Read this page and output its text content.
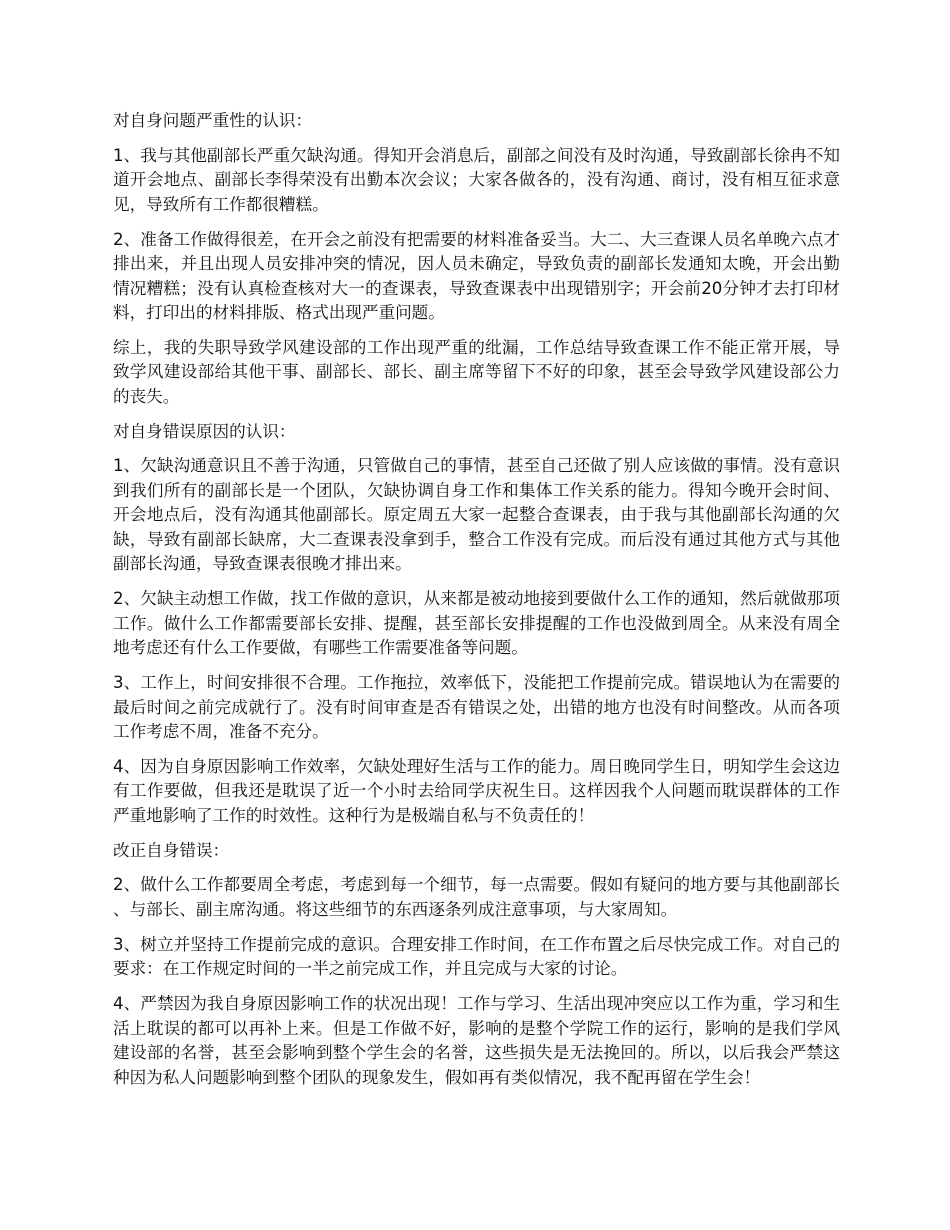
对自身问题严重性的认识：

1、我与其他副部长严重欠缺沟通。得知开会消息后，副部之间没有及时沟通，导致副部长徐冉不知道开会地点、副部长李得荣没有出勤本次会议；大家各做各的，没有沟通、商讨，没有相互征求意见，导致所有工作都很糟糕。

2、准备工作做得很差，在开会之前没有把需要的材料准备妥当。大二、大三查课人员名单晚六点才排出来，并且出现人员安排冲突的情况，因人员未确定，导致负责的副部长发通知太晚，开会出勤情况糟糕；没有认真检查核对大一的查课表，导致查课表中出现错别字；开会前20分钟才去打印材料，打印出的材料排版、格式出现严重问题。

综上，我的失职导致学风建设部的工作出现严重的纰漏，工作总结导致查课工作不能正常开展，导致学风建设部给其他干事、副部长、部长、副主席等留下不好的印象，甚至会导致学风建设部公力的丧失。

对自身错误原因的认识：

1、欠缺沟通意识且不善于沟通，只管做自己的事情，甚至自己还做了别人应该做的事情。没有意识到我们所有的副部长是一个团队，欠缺协调自身工作和集体工作关系的能力。得知今晚开会时间、开会地点后，没有沟通其他副部长。原定周五大家一起整合查课表，由于我与其他副部长沟通的欠缺，导致有副部长缺席，大二查课表没拿到手，整合工作没有完成。而后没有通过其他方式与其他副部长沟通，导致查课表很晚才排出来。

2、欠缺主动想工作做，找工作做的意识，从来都是被动地接到要做什么工作的通知，然后就做那项工作。做什么工作都需要部长安排、提醒，甚至部长安排提醒的工作也没做到周全。从来没有周全地考虑还有什么工作要做，有哪些工作需要准备等问题。

3、工作上，时间安排很不合理。工作拖拉，效率低下，没能把工作提前完成。错误地认为在需要的最后时间之前完成就行了。没有时间审查是否有错误之处，出错的地方也没有时间整改。从而各项工作考虑不周，准备不充分。

4、因为自身原因影响工作效率，欠缺处理好生活与工作的能力。周日晚同学生日，明知学生会这边有工作要做，但我还是耽误了近一个小时去给同学庆祝生日。这样因我个人问题而耽误群体的工作严重地影响了工作的时效性。这种行为是极端自私与不负责任的！

改正自身错误：

2、做什么工作都要周全考虑，考虑到每一个细节，每一点需要。假如有疑问的地方要与其他副部长、与部长、副主席沟通。将这些细节的东西逐条列成注意事项，与大家周知。

3、树立并坚持工作提前完成的意识。合理安排工作时间，在工作布置之后尽快完成工作。对自己的要求：在工作规定时间的一半之前完成工作，并且完成与大家的讨论。

4、严禁因为我自身原因影响工作的状况出现！工作与学习、生活出现冲突应以工作为重，学习和生活上耽误的都可以再补上来。但是工作做不好，影响的是整个学院工作的运行，影响的是我们学风建设部的名誉，甚至会影响到整个学生会的名誉，这些损失是无法挽回的。所以，以后我会严禁这种因为私人问题影响到整个团队的现象发生，假如再有类似情况，我不配再留在学生会！
